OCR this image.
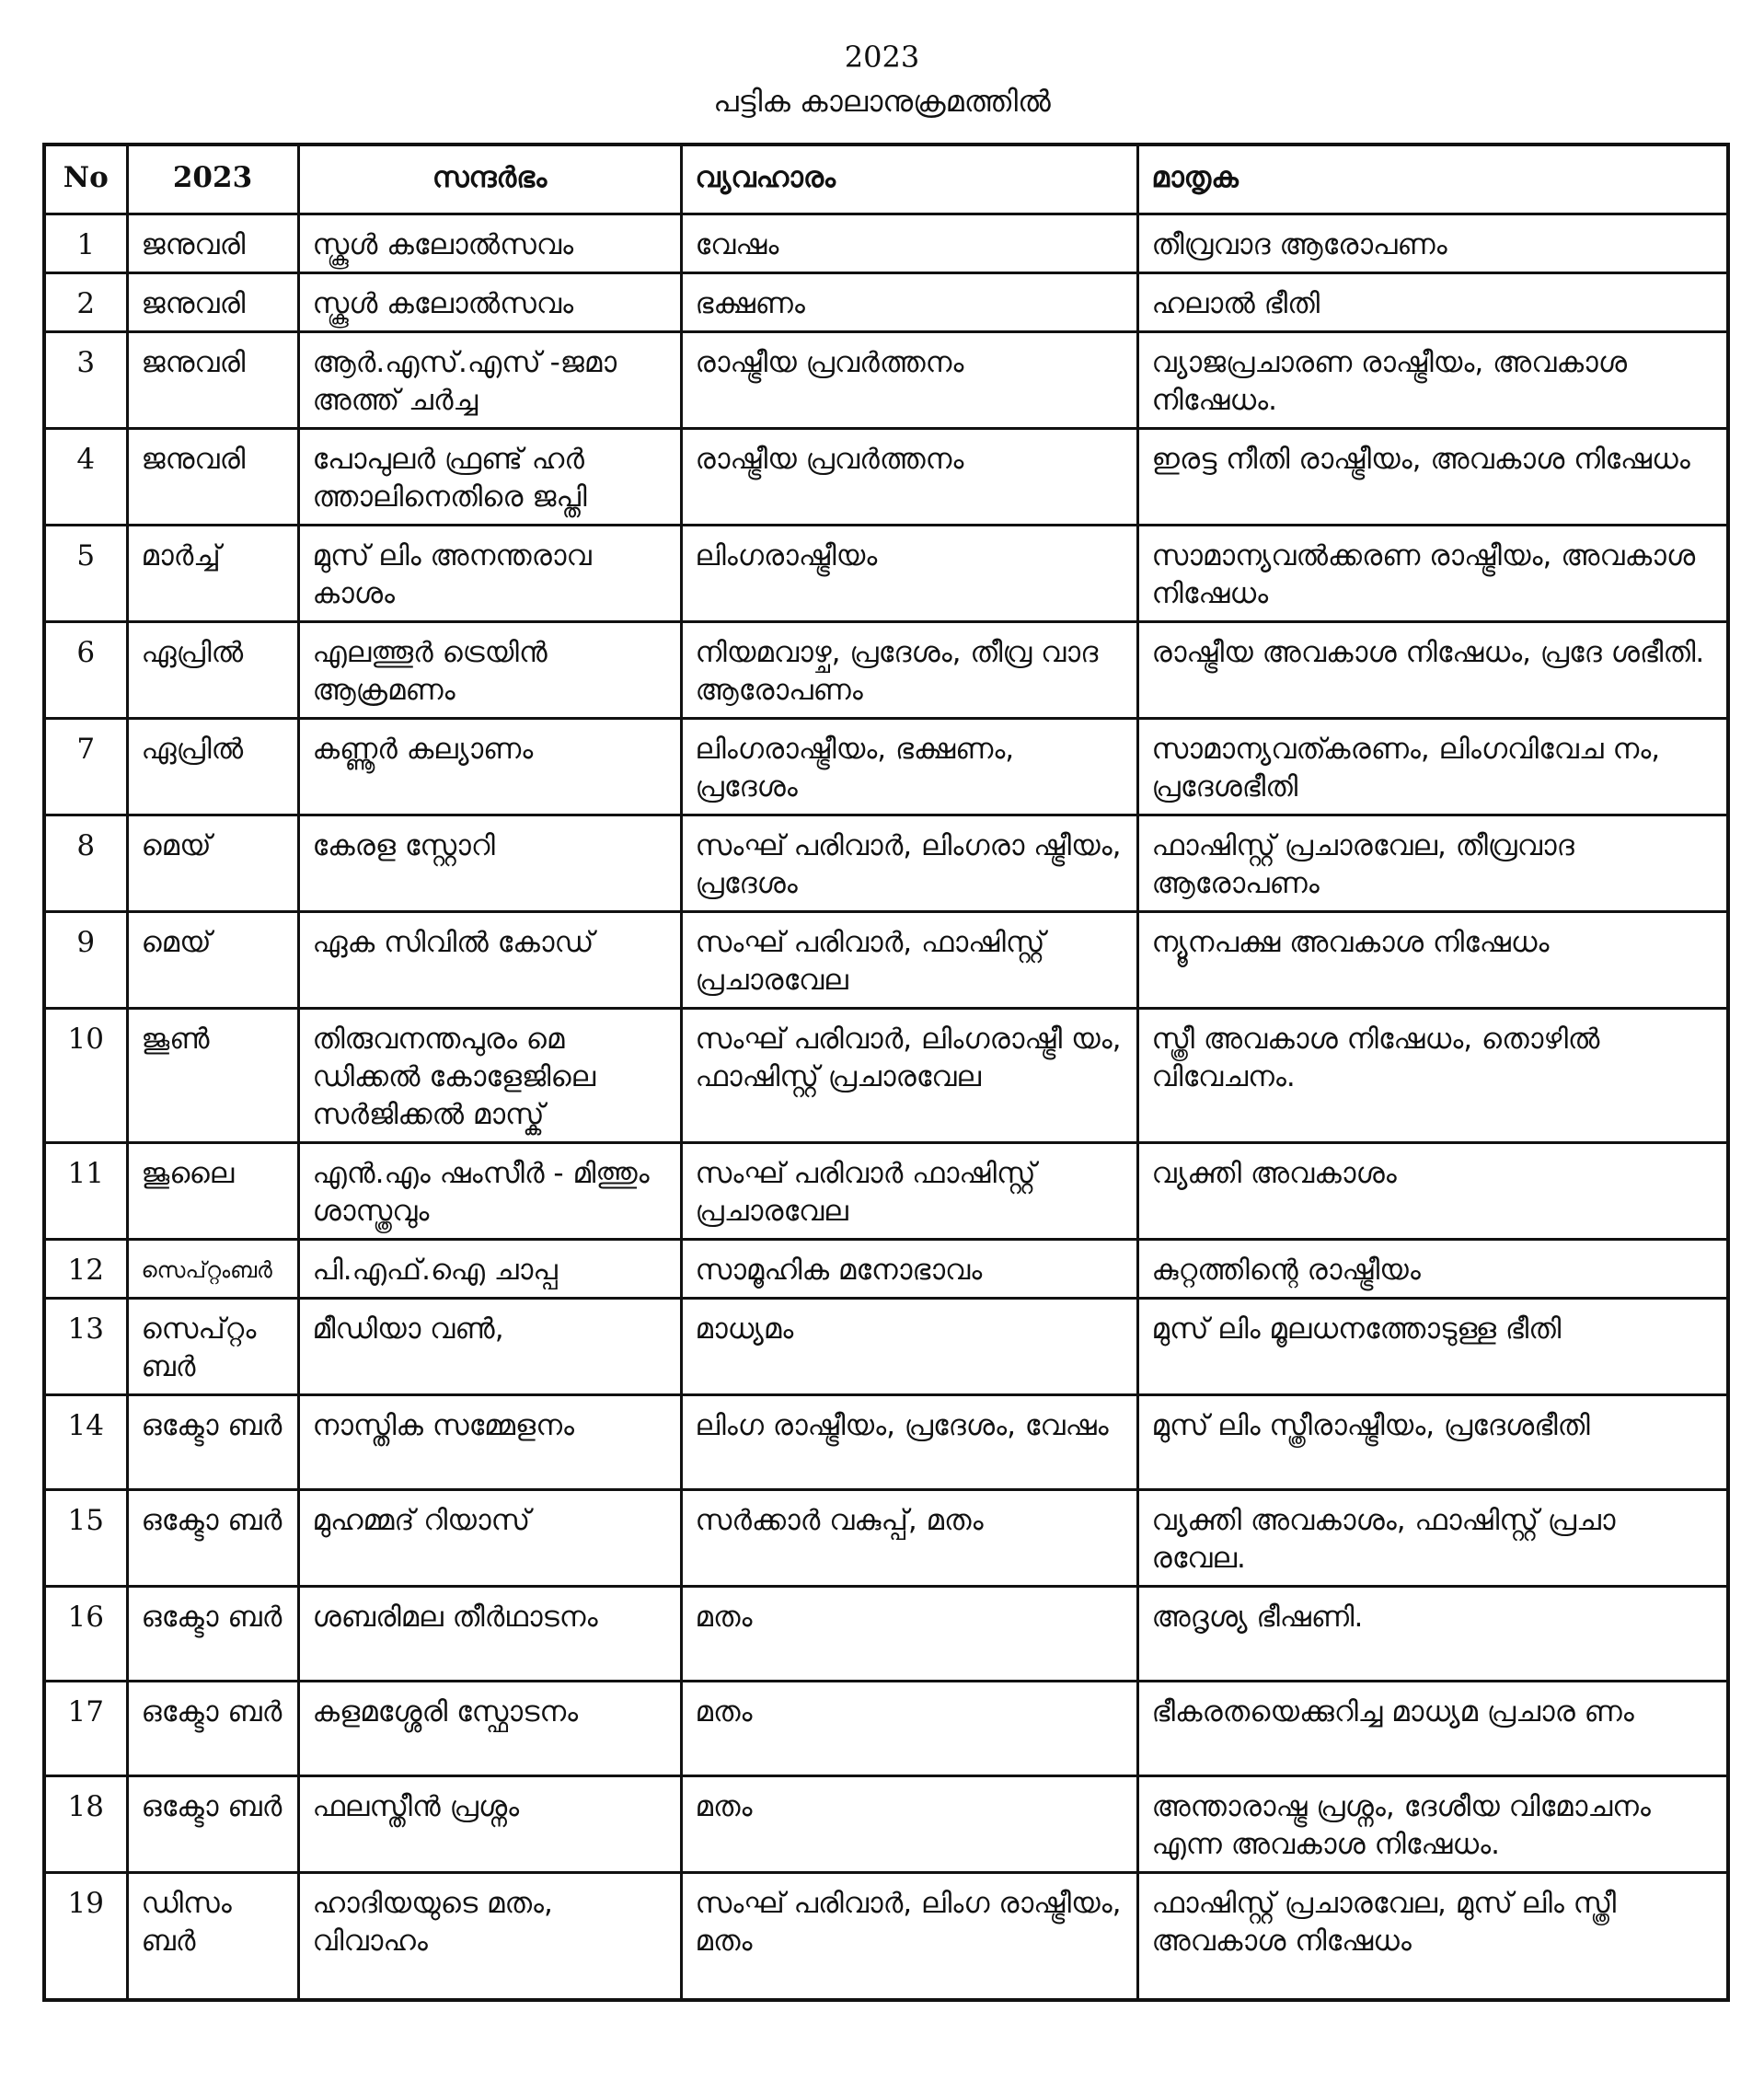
2023
പട്ടിക കാലാനുക്രമത്തിൽ
No	2023	സന്ദർഭം	വ്യവഹാരം	മാതൃക
1	ജനുവരി	സ്കൂൾ കലോൽസവം	വേഷം	തീവ്രവാദ ആരോപണം
2	ജനുവരി	സ്കൂൾ കലോൽസവം	ഭക്ഷണം	ഹലാൽ ഭീതി
3	ജനുവരി	ആർ.എസ്.എസ് -ജമാ അത്ത് ചർച്ച	രാഷ്ട്രീയ പ്രവർത്തനം	വ്യാജപ്രചാരണ രാഷ്ട്രീയം, അവകാശ നിഷേധം.
4	ജനുവരി	പോപുലർ ഫ്രണ്ട് ഹർ ത്താലിനെതിരെ ജപ്തി	രാഷ്ട്രീയ പ്രവർത്തനം	ഇരട്ട നീതി രാഷ്ട്രീയം, അവകാശ നിഷേധം
5	മാർച്ച്	മുസ് ലിം അനന്തരാവ കാശം	ലിംഗരാഷ്ട്രീയം	സാമാന്യവൽക്കരണ രാഷ്ട്രീയം, അവകാശ നിഷേധം
6	ഏപ്രിൽ	എലത്തൂർ ട്രെയിൻ ആക്രമണം	നിയമവാഴ്ച, പ്രദേശം, തീവ്ര വാദ ആരോപണം	രാഷ്ട്രീയ അവകാശ നിഷേധം, പ്രദേ ശഭീതി.
7	ഏപ്രിൽ	കണ്ണൂർ കല്യാണം	ലിംഗരാഷ്ട്രീയം, ഭക്ഷണം, പ്രദേശം	സാമാന്യവത്കരണം, ലിംഗവിവേച നം, പ്രദേശഭീതി
8	മെയ്	കേരള സ്റ്റോറി	സംഘ് പരിവാർ, ലിംഗരാ ഷ്ട്രീയം, പ്രദേശം	ഫാഷിസ്റ്റ് പ്രചാരവേല, തീവ്രവാദ ആരോപണം
9	മെയ്	ഏക സിവിൽ കോഡ്	സംഘ് പരിവാർ, ഫാഷിസ്റ്റ് പ്രചാരവേല	ന്യൂനപക്ഷ അവകാശ നിഷേധം
10	ജൂൺ	തിരുവനന്തപുരം മെ ഡിക്കൽ കോളേജിലെ സർജിക്കൽ മാസ്ക്	സംഘ് പരിവാർ, ലിംഗരാഷ്ട്രീ യം, ഫാഷിസ്റ്റ് പ്രചാരവേല	സ്ത്രീ അവകാശ നിഷേധം, തൊഴിൽ വിവേചനം.
11	ജൂലൈ	എൻ.എം ഷംസീർ - മിത്തും ശാസ്ത്രവും	സംഘ് പരിവാർ ഫാഷിസ്റ്റ് പ്രചാരവേല	വ്യക്തി അവകാശം
12	സെപ്റ്റംബർ	പി.എഫ്.ഐ ചാപ്പ	സാമൂഹിക മനോഭാവം	കുറ്റത്തിന്റെ രാഷ്ട്രീയം
13	സെപ്റ്റം ബർ	മീഡിയാ വൺ,	മാധ്യമം	മുസ് ലിം മൂലധനത്തോടുള്ള ഭീതി
14	ഒക്ടോ ബർ	നാസ്തിക സമ്മേളനം	ലിംഗ രാഷ്ട്രീയം, പ്രദേശം, വേഷം	മുസ് ലിം സ്ത്രീരാഷ്ട്രീയം, പ്രദേശഭീതി
15	ഒക്ടോ ബർ	മുഹമ്മദ് റിയാസ്	സർക്കാർ വകുപ്പ്, മതം	വ്യക്തി അവകാശം, ഫാഷിസ്റ്റ് പ്രചാ രവേല.
16	ഒക്ടോ ബർ	ശബരിമല തീർഥാടനം	മതം	അദൃശ്യ ഭീഷണി.
17	ഒക്ടോ ബർ	കളമശ്ശേരി സ്ഫോടനം	മതം	ഭീകരതയെക്കുറിച്ച മാധ്യമ പ്രചാര ണം
18	ഒക്ടോ ബർ	ഫലസ്തീൻ പ്രശ്നം	മതം	അന്താരാഷ്ട്ര പ്രശ്നം, ദേശീയ വിമോചനം എന്ന അവകാശ നിഷേധം.
19	ഡിസം ബർ	ഹാദിയയുടെ മതം, വിവാഹം	സംഘ് പരിവാർ, ലിംഗ രാഷ്ട്രീയം, മതം	ഫാഷിസ്റ്റ് പ്രചാരവേല, മുസ് ലിം സ്ത്രീ അവകാശ നിഷേധം
